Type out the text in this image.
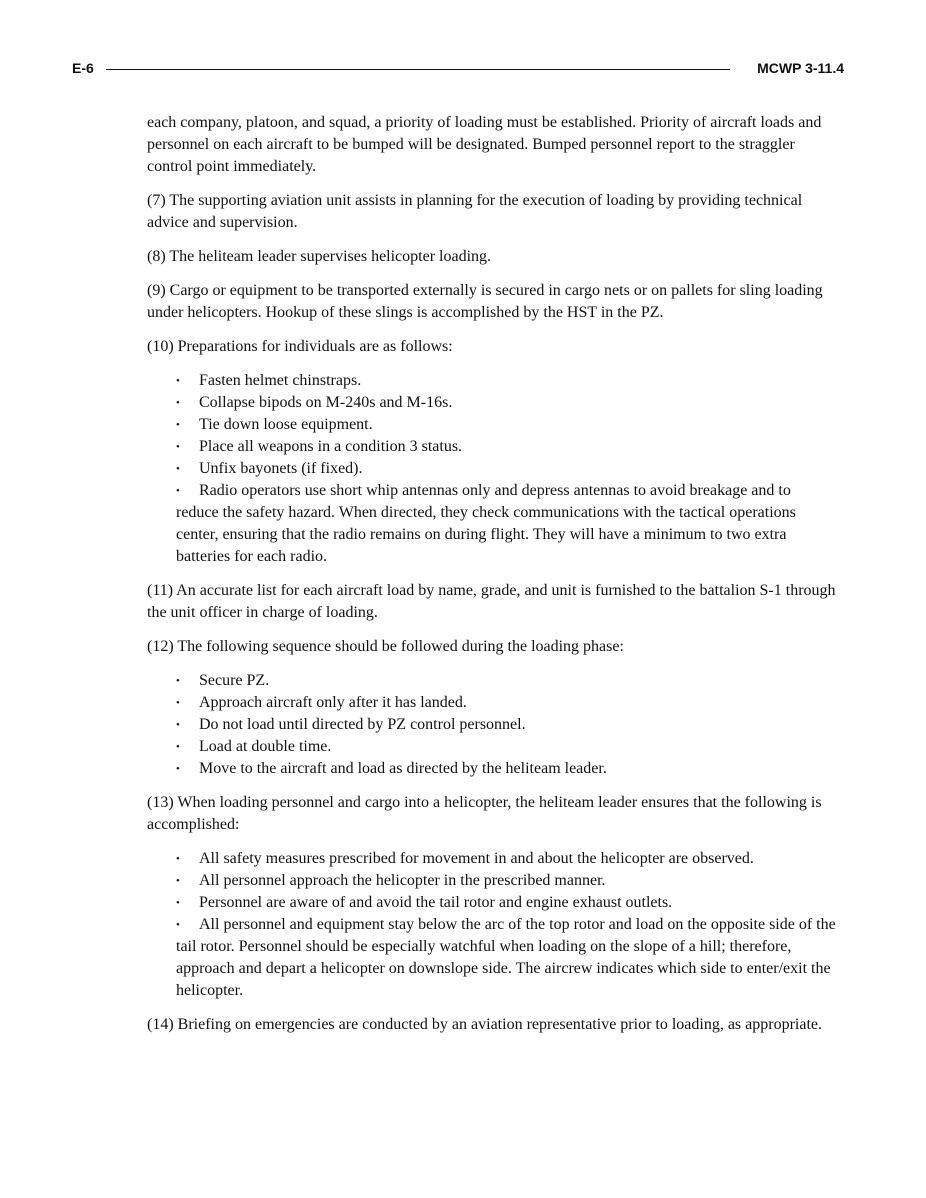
E-6	MCWP 3-11.4

each company, platoon, and squad, a priority of loading must be established. Priority of aircraft loads and personnel on each aircraft to be bumped will be designated. Bumped personnel report to the straggler control point immediately.

(7) The supporting aviation unit assists in planning for the execution of loading by providing technical advice and supervision.

(8) The heliteam leader supervises helicopter loading.

(9) Cargo or equipment to be transported externally is secured in cargo nets or on pallets for sling loading under helicopters. Hookup of these slings is accomplished by the HST in the PZ.

(10) Preparations for individuals are as follows:

• Fasten helmet chinstraps.
• Collapse bipods on M-240s and M-16s.
• Tie down loose equipment.
• Place all weapons in a condition 3 status.
• Unfix bayonets (if fixed).
• Radio operators use short whip antennas only and depress antennas to avoid breakage and to reduce the safety hazard. When directed, they check communications with the tactical operations center, ensuring that the radio remains on during flight. They will have a minimum to two extra batteries for each radio.

(11) An accurate list for each aircraft load by name, grade, and unit is furnished to the battalion S-1 through the unit officer in charge of loading.

(12) The following sequence should be followed during the loading phase:

• Secure PZ.
• Approach aircraft only after it has landed.
• Do not load until directed by PZ control personnel.
• Load at double time.
• Move to the aircraft and load as directed by the heliteam leader.

(13) When loading personnel and cargo into a helicopter, the heliteam leader ensures that the following is accomplished:

• All safety measures prescribed for movement in and about the helicopter are observed.
• All personnel approach the helicopter in the prescribed manner.
• Personnel are aware of and avoid the tail rotor and engine exhaust outlets.
• All personnel and equipment stay below the arc of the top rotor and load on the opposite side of the tail rotor. Personnel should be especially watchful when loading on the slope of a hill; therefore, approach and depart a helicopter on downslope side. The aircrew indicates which side to enter/exit the helicopter.

(14) Briefing on emergencies are conducted by an aviation representative prior to loading, as appropriate.
